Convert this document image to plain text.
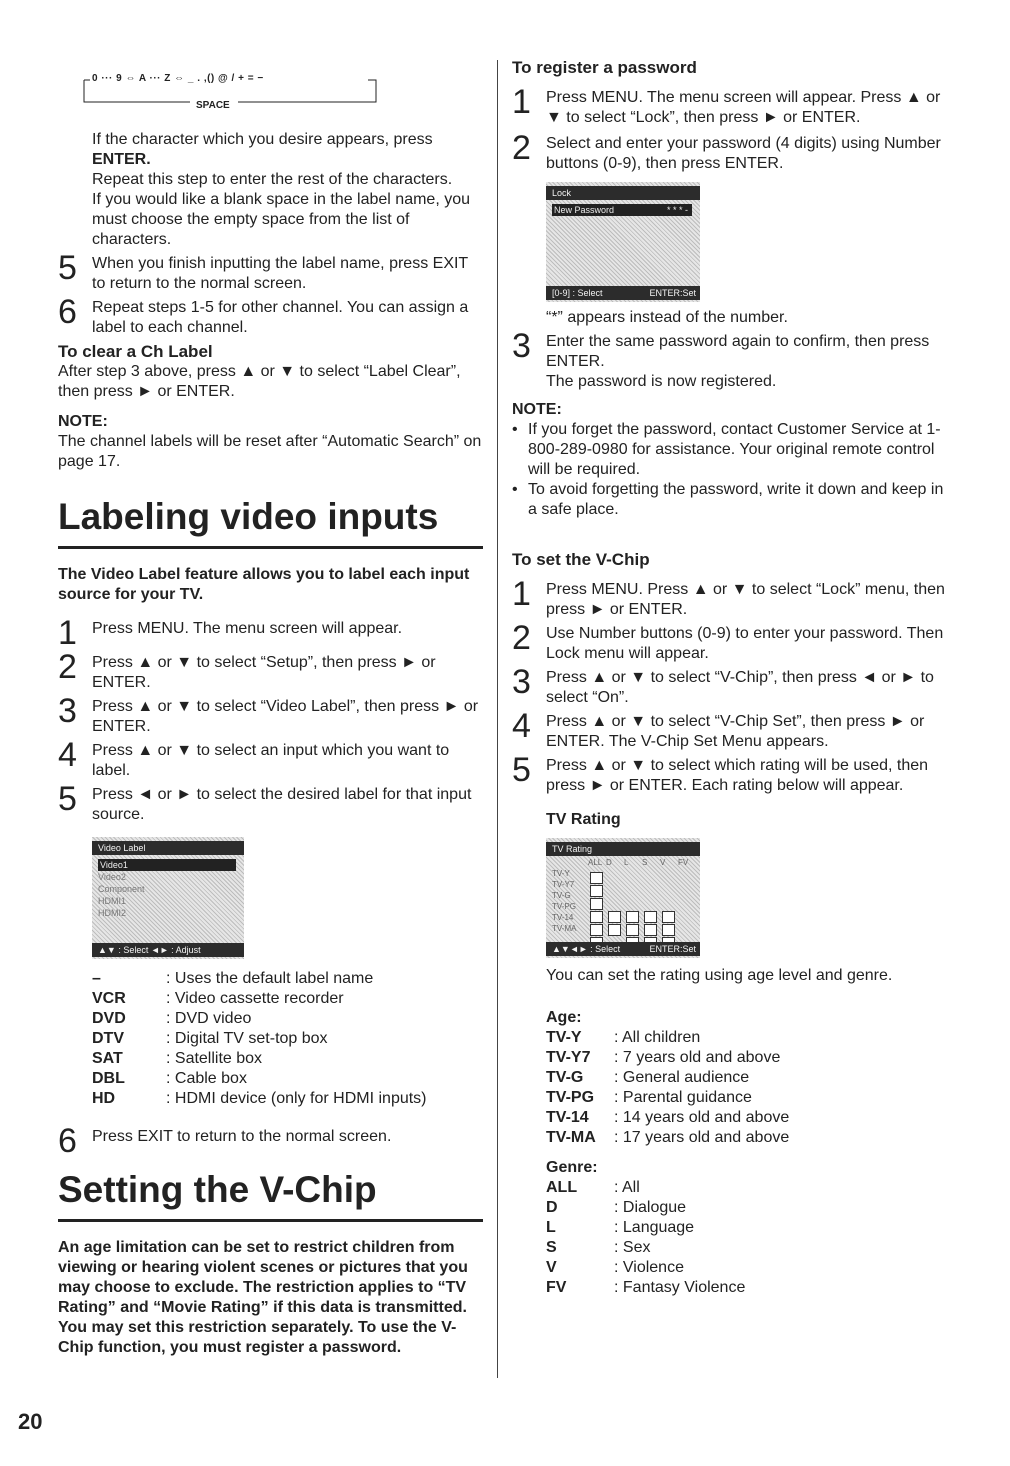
0 ··· 9 ⇔ A ··· Z ⇔ _ . ,() @ / + = −
SPACE
If the character which you desire appears, press
ENTER.
Repeat this step to enter the rest of the characters.
If you would like a blank space in the label name, you must choose the empty space from the list of characters.
5 When you finish inputting the label name, press EXIT to return to the normal screen.
6 Repeat steps 1-5 for other channel. You can assign a label to each channel.
To clear a Ch Label
After step 3 above, press ▲ or ▼ to select “Label Clear”, then press ► or ENTER.
NOTE:
The channel labels will be reset after “Automatic Search” on page 17.
Labeling video inputs
The Video Label feature allows you to label each input source for your TV.
1 Press MENU. The menu screen will appear.
2 Press ▲ or ▼ to select “Setup”, then press ► or ENTER.
3 Press ▲ or ▼ to select “Video Label”, then press ► or ENTER.
4 Press ▲ or ▼ to select an input which you want to label.
5 Press ◄ or ► to select the desired label for that input source.
Video Label
Video1
Video2
Component
HDMI1
HDMI2
▲▼ : Select ◄► : Adjust
–	: Uses the default label name
VCR	: Video cassette recorder
DVD	: DVD video
DTV	: Digital TV set-top box
SAT	: Satellite box
DBL	: Cable box
HD	: HDMI device (only for HDMI inputs)
6 Press EXIT to return to the normal screen.
Setting the V-Chip
An age limitation can be set to restrict children from viewing or hearing violent scenes or pictures that you may choose to exclude. The restriction applies to “TV Rating” and “Movie Rating” if this data is transmitted. You may set this restriction separately. To use the V-Chip function, you must register a password.
To register a password
1 Press MENU. The menu screen will appear. Press ▲ or ▼ to select “Lock”, then press ► or ENTER.
2 Select and enter your password (4 digits) using Number buttons (0-9), then press ENTER.
Lock
New Password	* * * -
[0-9] : Select	ENTER:Set
“*” appears instead of the number.
3 Enter the same password again to confirm, then press ENTER.
The password is now registered.
NOTE:
• If you forget the password, contact Customer Service at 1-800-289-0980 for assistance. Your original remote control will be required.
• To avoid forgetting the password, write it down and keep in a safe place.
To set the V-Chip
1 Press MENU. Press ▲ or ▼ to select “Lock” menu, then press ► or ENTER.
2 Use Number buttons (0-9) to enter your password. Then Lock menu will appear.
3 Press ▲ or ▼ to select “V-Chip”, then press ◄ or ► to select “On”.
4 Press ▲ or ▼ to select “V-Chip Set”, then press ► or ENTER. The V-Chip Set Menu appears.
5 Press ▲ or ▼ to select which rating will be used, then press ► or ENTER. Each rating below will appear.
TV Rating
TV Rating
ALL D	L	S	V	FV
TV-Y
TV-Y7
TV-G
TV-PG
TV-14
TV-MA
▲▼◄► : Select	ENTER:Set
You can set the rating using age level and genre.
Age:
TV-Y	: All children
TV-Y7	: 7 years old and above
TV-G	: General audience
TV-PG	: Parental guidance
TV-14	: 14 years old and above
TV-MA	: 17 years old and above
Genre:
ALL	: All
D	: Dialogue
L	: Language
S	: Sex
V	: Violence
FV	: Fantasy Violence
20
